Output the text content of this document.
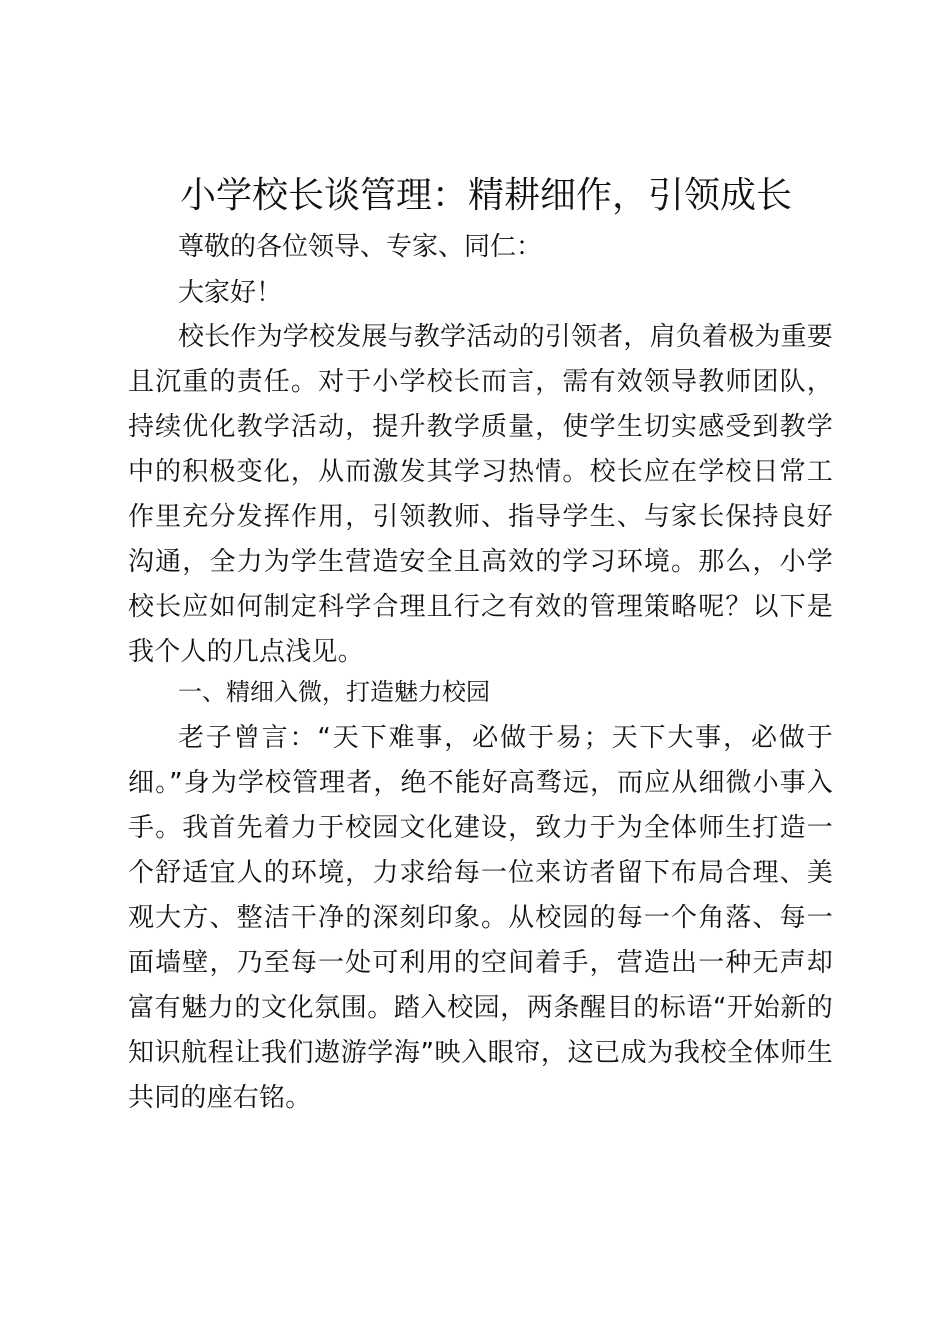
小学校长谈管理：精耕细作，引领成长

尊敬的各位领导、专家、同仁：

大家好！

校长作为学校发展与教学活动的引领者，肩负着极为重要且沉重的责任。对于小学校长而言，需有效领导教师团队，持续优化教学活动，提升教学质量，使学生切实感受到教学中的积极变化，从而激发其学习热情。校长应在学校日常工作里充分发挥作用，引领教师、指导学生、与家长保持良好沟通，全力为学生营造安全且高效的学习环境。那么，小学校长应如何制定科学合理且行之有效的管理策略呢？以下是我个人的几点浅见。

一、精细入微，打造魅力校园

老子曾言：“天下难事，必做于易；天下大事，必做于细。”身为学校管理者，绝不能好高骛远，而应从细微小事入手。我首先着力于校园文化建设，致力于为全体师生打造一个舒适宜人的环境，力求给每一位来访者留下布局合理、美观大方、整洁干净的深刻印象。从校园的每一个角落、每一面墙壁，乃至每一处可利用的空间着手，营造出一种无声却富有魅力的文化氛围。踏入校园，两条醒目的标语“开始新的知识航程让我们遨游学海”映入眼帘，这已成为我校全体师生共同的座右铭。
